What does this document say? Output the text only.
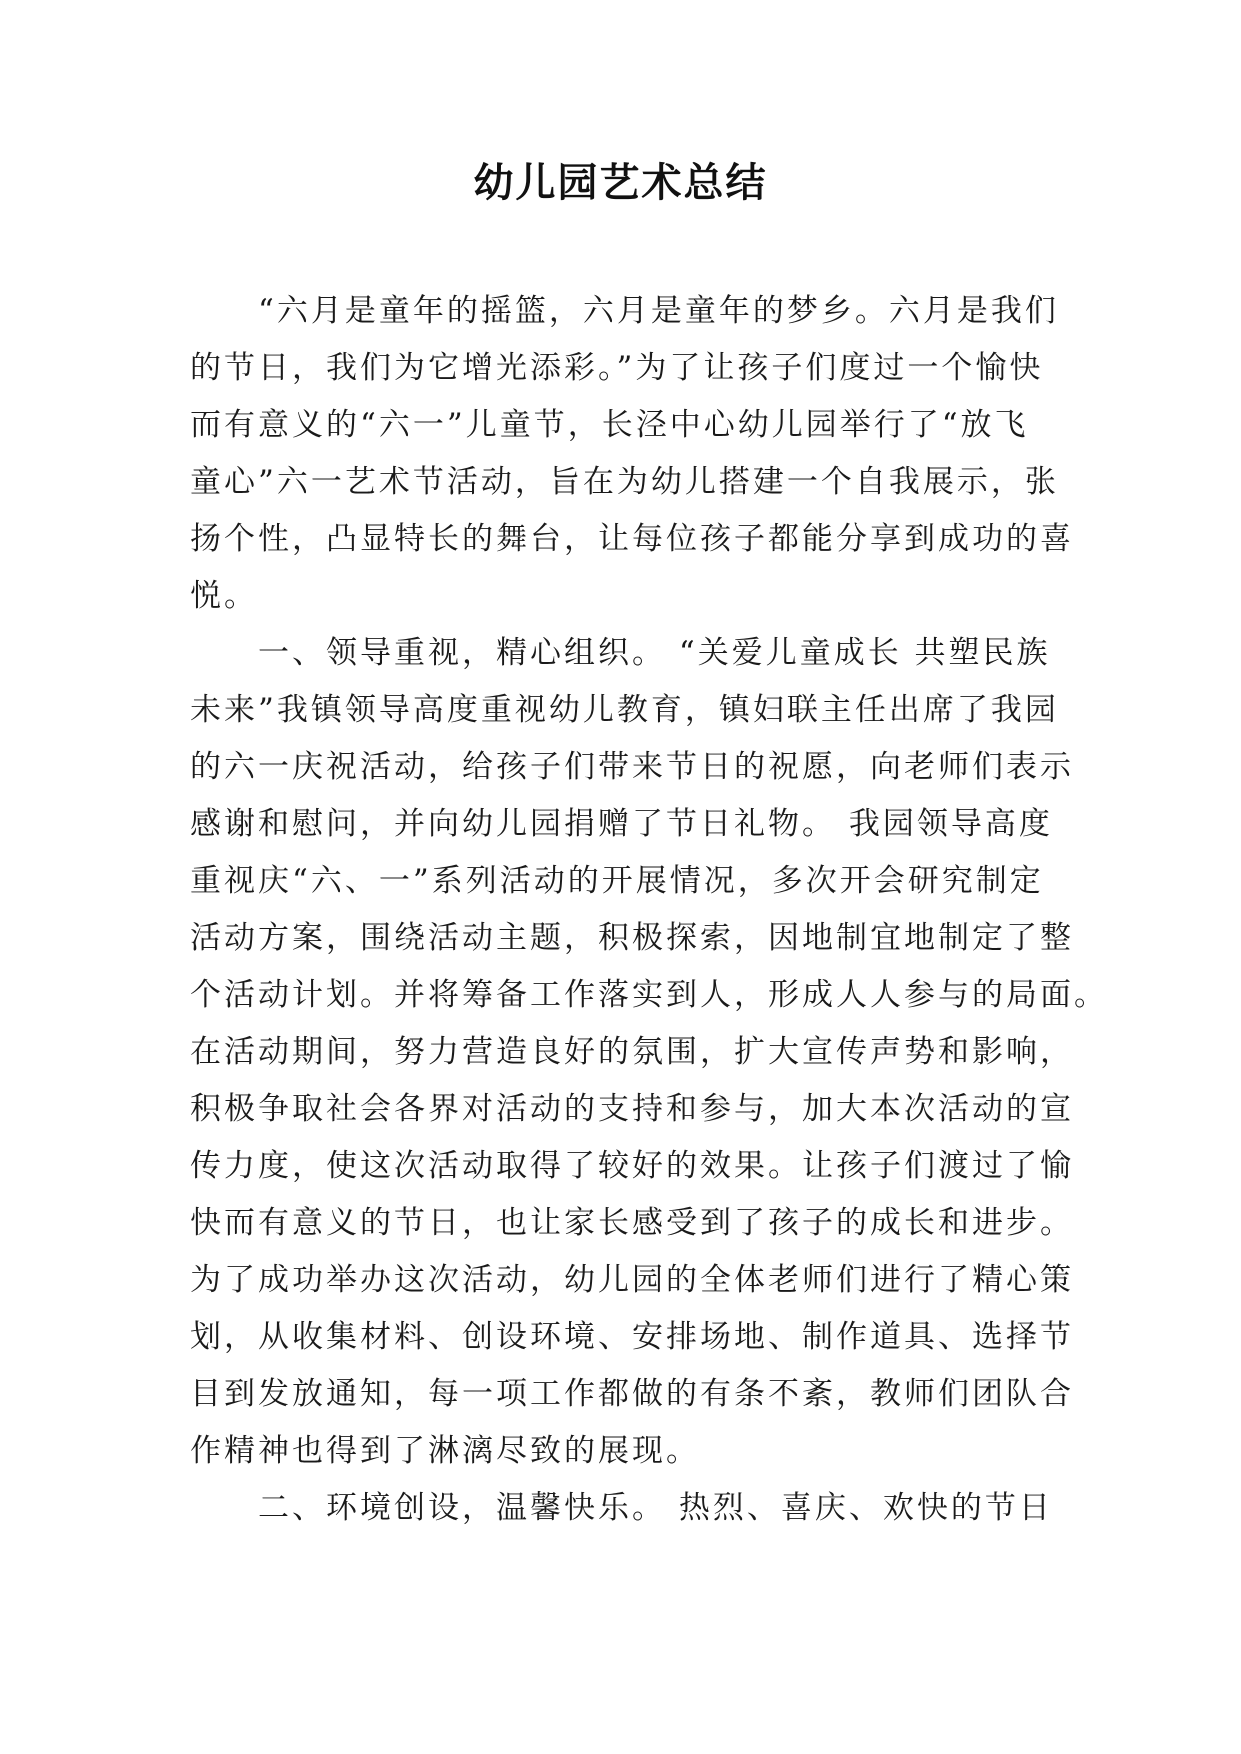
幼儿园艺术总结
　　“六月是童年的摇篮，六月是童年的梦乡。六月是我们
的节日，我们为它增光添彩。”为了让孩子们度过一个愉快
而有意义的“六一”儿童节，长泾中心幼儿园举行了“放飞
童心”六一艺术节活动，旨在为幼儿搭建一个自我展示，张
扬个性，凸显特长的舞台，让每位孩子都能分享到成功的喜
悦。
　　一、领导重视，精心组织。 “关爱儿童成长 共塑民族
未来”我镇领导高度重视幼儿教育，镇妇联主任出席了我园
的六一庆祝活动，给孩子们带来节日的祝愿，向老师们表示
感谢和慰问，并向幼儿园捐赠了节日礼物。 我园领导高度
重视庆“六、一”系列活动的开展情况，多次开会研究制定
活动方案，围绕活动主题，积极探索，因地制宜地制定了整
个活动计划。并将筹备工作落实到人，形成人人参与的局面。
在活动期间，努力营造良好的氛围，扩大宣传声势和影响，
积极争取社会各界对活动的支持和参与，加大本次活动的宣
传力度，使这次活动取得了较好的效果。让孩子们渡过了愉
快而有意义的节日，也让家长感受到了孩子的成长和进步。
为了成功举办这次活动，幼儿园的全体老师们进行了精心策
划，从收集材料、创设环境、安排场地、制作道具、选择节
目到发放通知，每一项工作都做的有条不紊，教师们团队合
作精神也得到了淋漓尽致的展现。
　　二、环境创设，温馨快乐。 热烈、喜庆、欢快的节日
